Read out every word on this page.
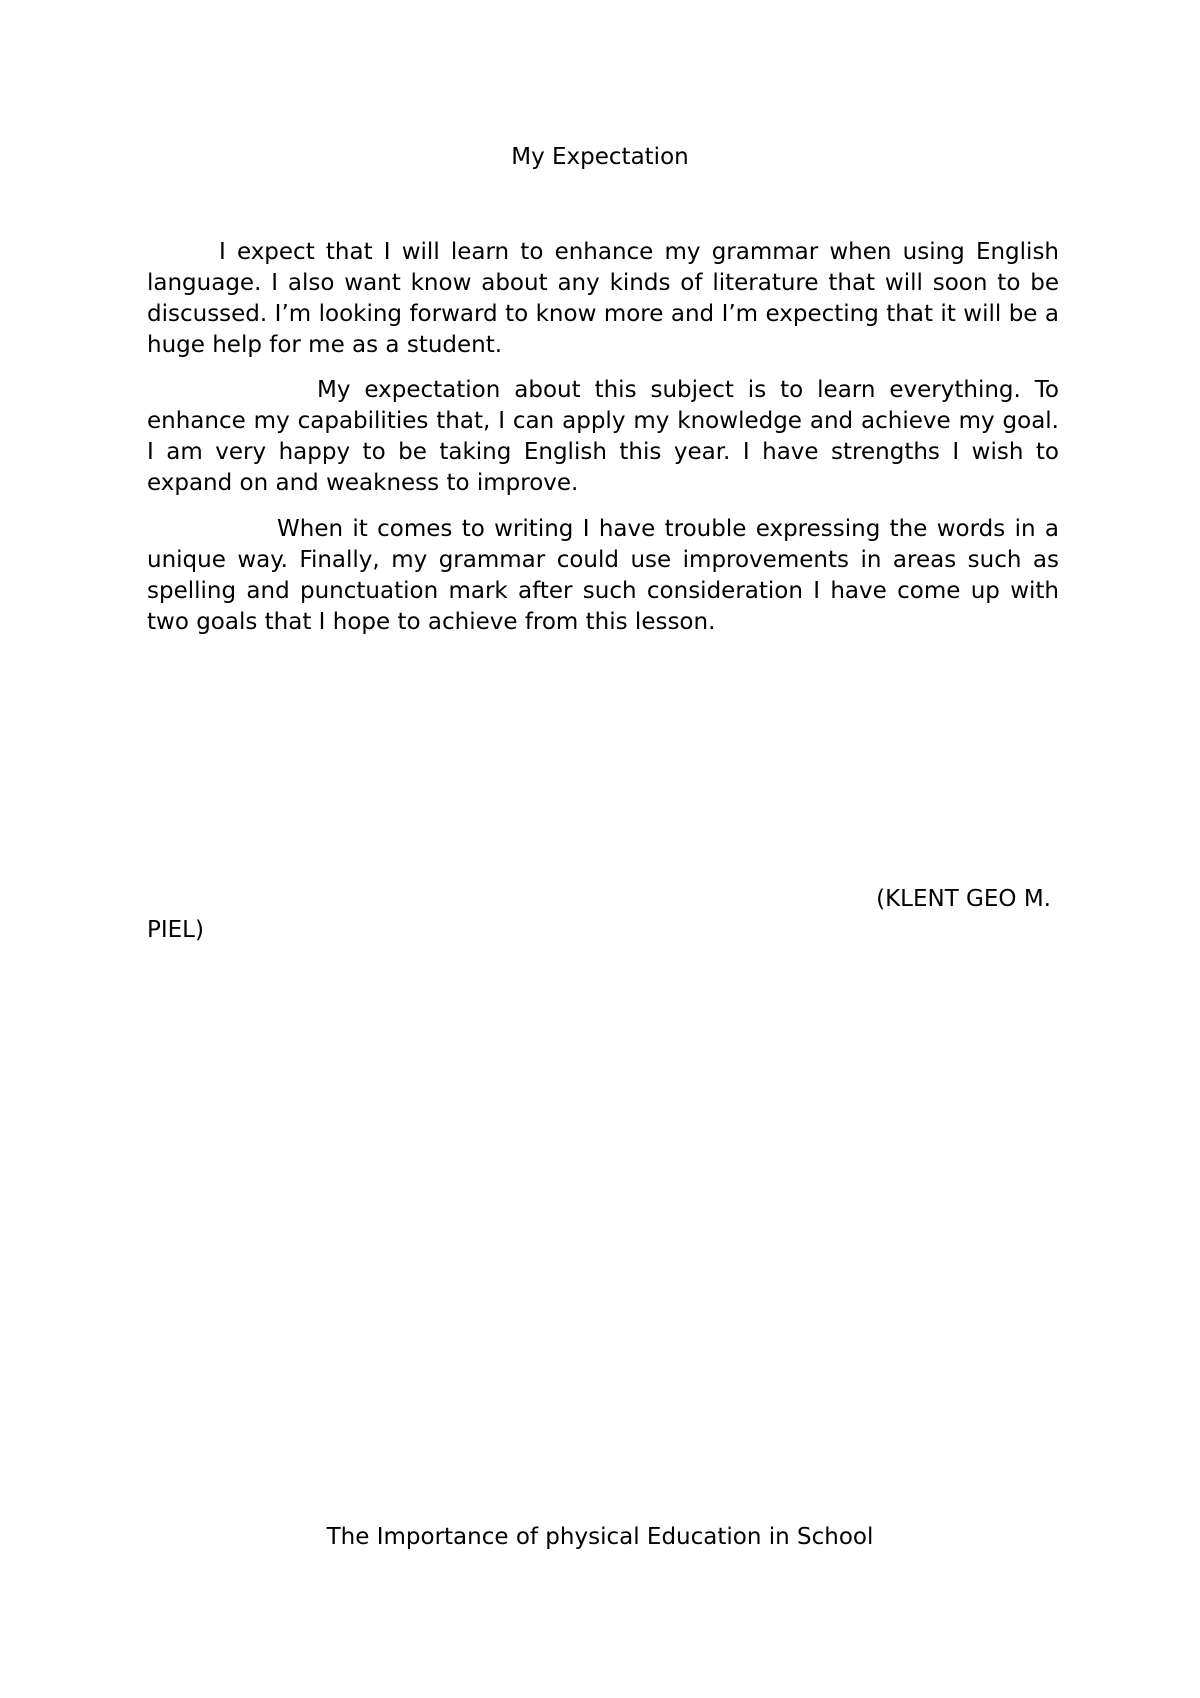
My Expectation

I expect that I will learn to enhance my grammar when using English language. I also want know about any kinds of literature that will soon to be discussed. I’m looking forward to know more and I’m expecting that it will be a huge help for me as a student.

My expectation about this subject is to learn everything. To enhance my capabilities that, I can apply my knowledge and achieve my goal. I am very happy to be taking English this year. I have strengths I wish to expand on and weakness to improve.

When it comes to writing I have trouble expressing the words in a unique way. Finally, my grammar could use improvements in areas such as spelling and punctuation mark after such consideration I have come up with two goals that I hope to achieve from this lesson.

(KLENT GEO M.
PIEL)
The Importance of physical Education in School
